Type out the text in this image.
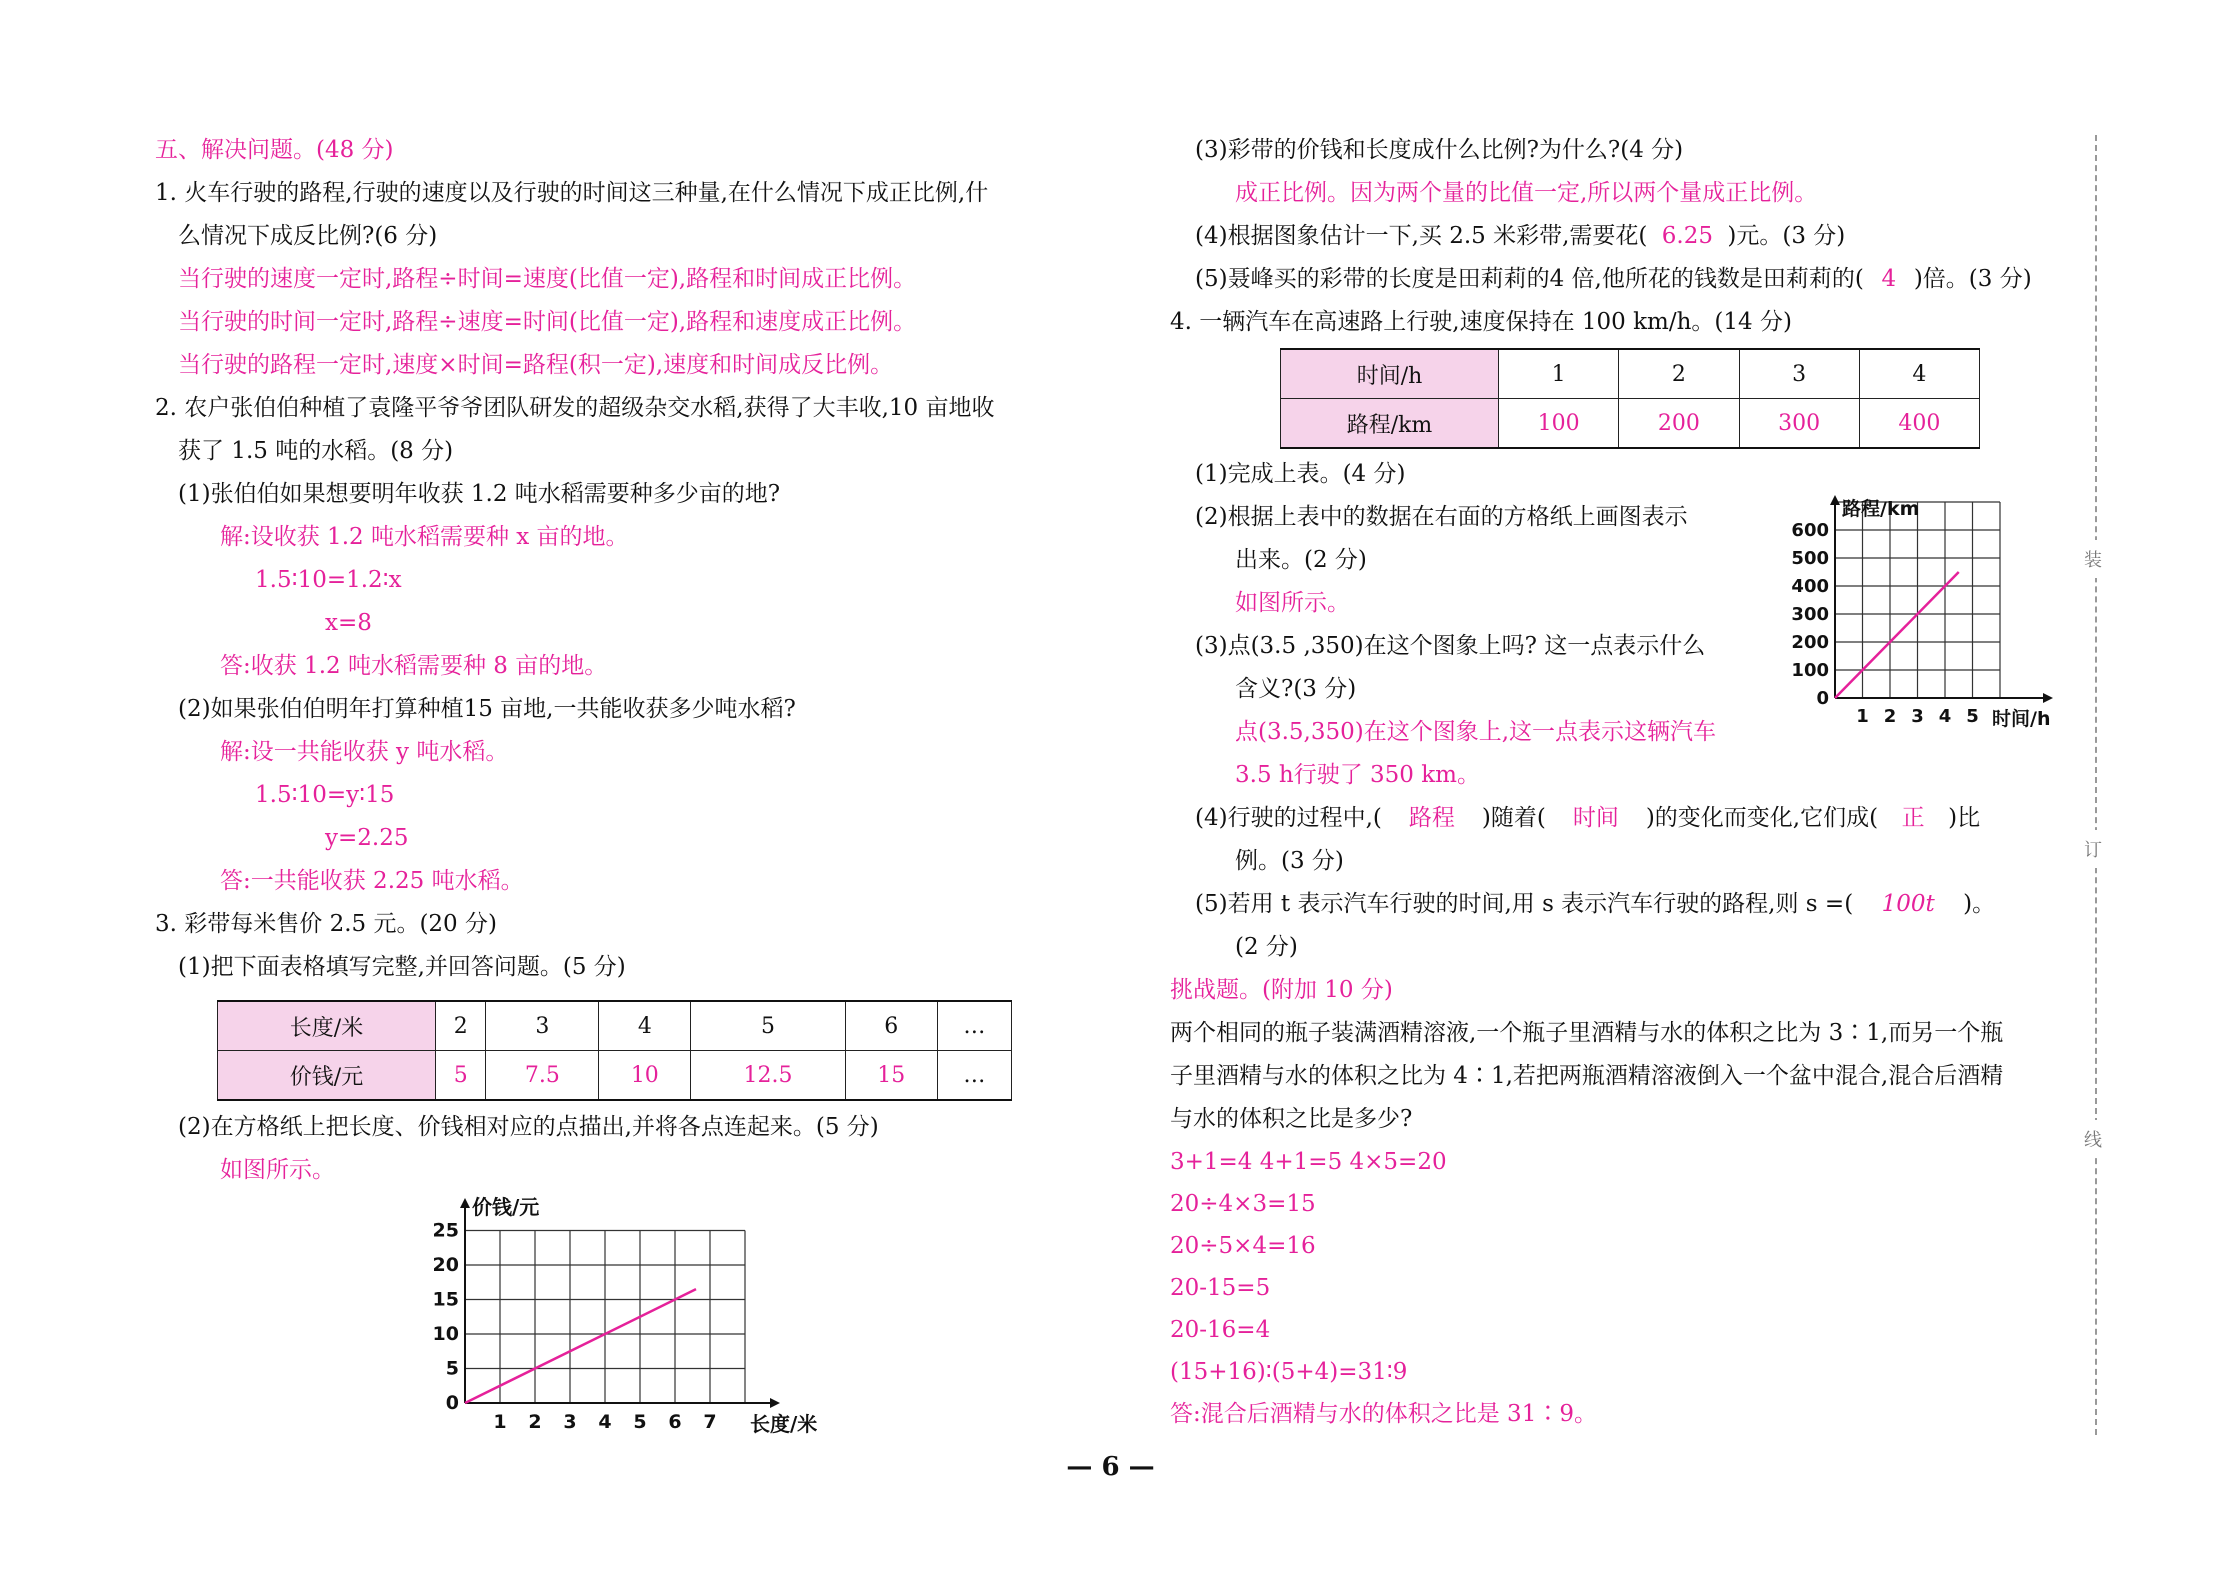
五、解决问题。(48 分)
1. 火车行驶的路程,行驶的速度以及行驶的时间这三种量,在什么情况下成正比例,什
么情况下成反比例?(6 分)
当行驶的速度一定时,路程÷时间=速度(比值一定),路程和时间成正比例。
当行驶的时间一定时,路程÷速度=时间(比值一定),路程和速度成正比例。
当行驶的路程一定时,速度×时间=路程(积一定),速度和时间成反比例。
2. 农户张伯伯种植了袁隆平爷爷团队研发的超级杂交水稻,获得了大丰收,10 亩地收
获了 1.5 吨的水稻。(8 分)
(1)张伯伯如果想要明年收获 1.2 吨水稻需要种多少亩的地?
解:设收获 1.2 吨水稻需要种 x 亩的地。
1.5∶10=1.2∶x
x=8
答:收获 1.2 吨水稻需要种 8 亩的地。
(2)如果张伯伯明年打算种植15 亩地,一共能收获多少吨水稻?
解:设一共能收获 y 吨水稻。
1.5∶10=y∶15
y=2.25
答:一共能收获 2.25 吨水稻。
3. 彩带每米售价 2.5 元。(20 分)
(1)把下面表格填写完整,并回答问题。(5 分)
长度/米	2	3	4	5	6	…
价钱/元	5	7.5	10	12.5	15	…
(2)在方格纸上把长度、价钱相对应的点描出,并将各点连起来。(5 分)
如图所示。
0
5
10
15
20
25
1 2 3 4 5 6 7
价钱/元
长度/米
(3)彩带的价钱和长度成什么比例?为什么?(4 分)
成正比例。因为两个量的比值一定,所以两个量成正比例。
(4)根据图象估计一下,买 2.5 米彩带,需要花( 6.25 )元。(3 分)
(5)聂峰买的彩带的长度是田莉莉的4 倍,他所花的钱数是田莉莉的( 4 )倍。(3 分)
4. 一辆汽车在高速路上行驶,速度保持在 100 km/h。(14 分)
时间/h	1	2	3	4
路程/km	100	200	300	400
(1)完成上表。(4 分)
(2)根据上表中的数据在右面的方格纸上画图表示
出来。(2 分)
如图所示。
(3)点(3.5 ,350)在这个图象上吗? 这一点表示什么
含义?(3 分)
点(3.5,350)在这个图象上,这一点表示这辆汽车
3.5 h行驶了 350 km。
0
100
200
300
400
500
600
1 2 3 4 5
路程/km
时间/h
(4)行驶的过程中,( 路程 )随着( 时间 )的变化而变化,它们成( 正 )比
例。(3 分)
(5)若用 t 表示汽车行驶的时间,用 s 表示汽车行驶的路程,则 s =( 100t )。
(2 分)
挑战题。(附加 10 分)
两个相同的瓶子装满酒精溶液,一个瓶子里酒精与水的体积之比为 3∶1,而另一个瓶
子里酒精与水的体积之比为 4∶1,若把两瓶酒精溶液倒入一个盆中混合,混合后酒精
与水的体积之比是多少?
3+1=4 4+1=5 4×5=20
20÷4×3=15
20÷5×4=16
20-15=5
20-16=4
(15+16)∶(5+4)=31∶9
答:混合后酒精与水的体积之比是 31∶9。
装
订
线
— 6 —
